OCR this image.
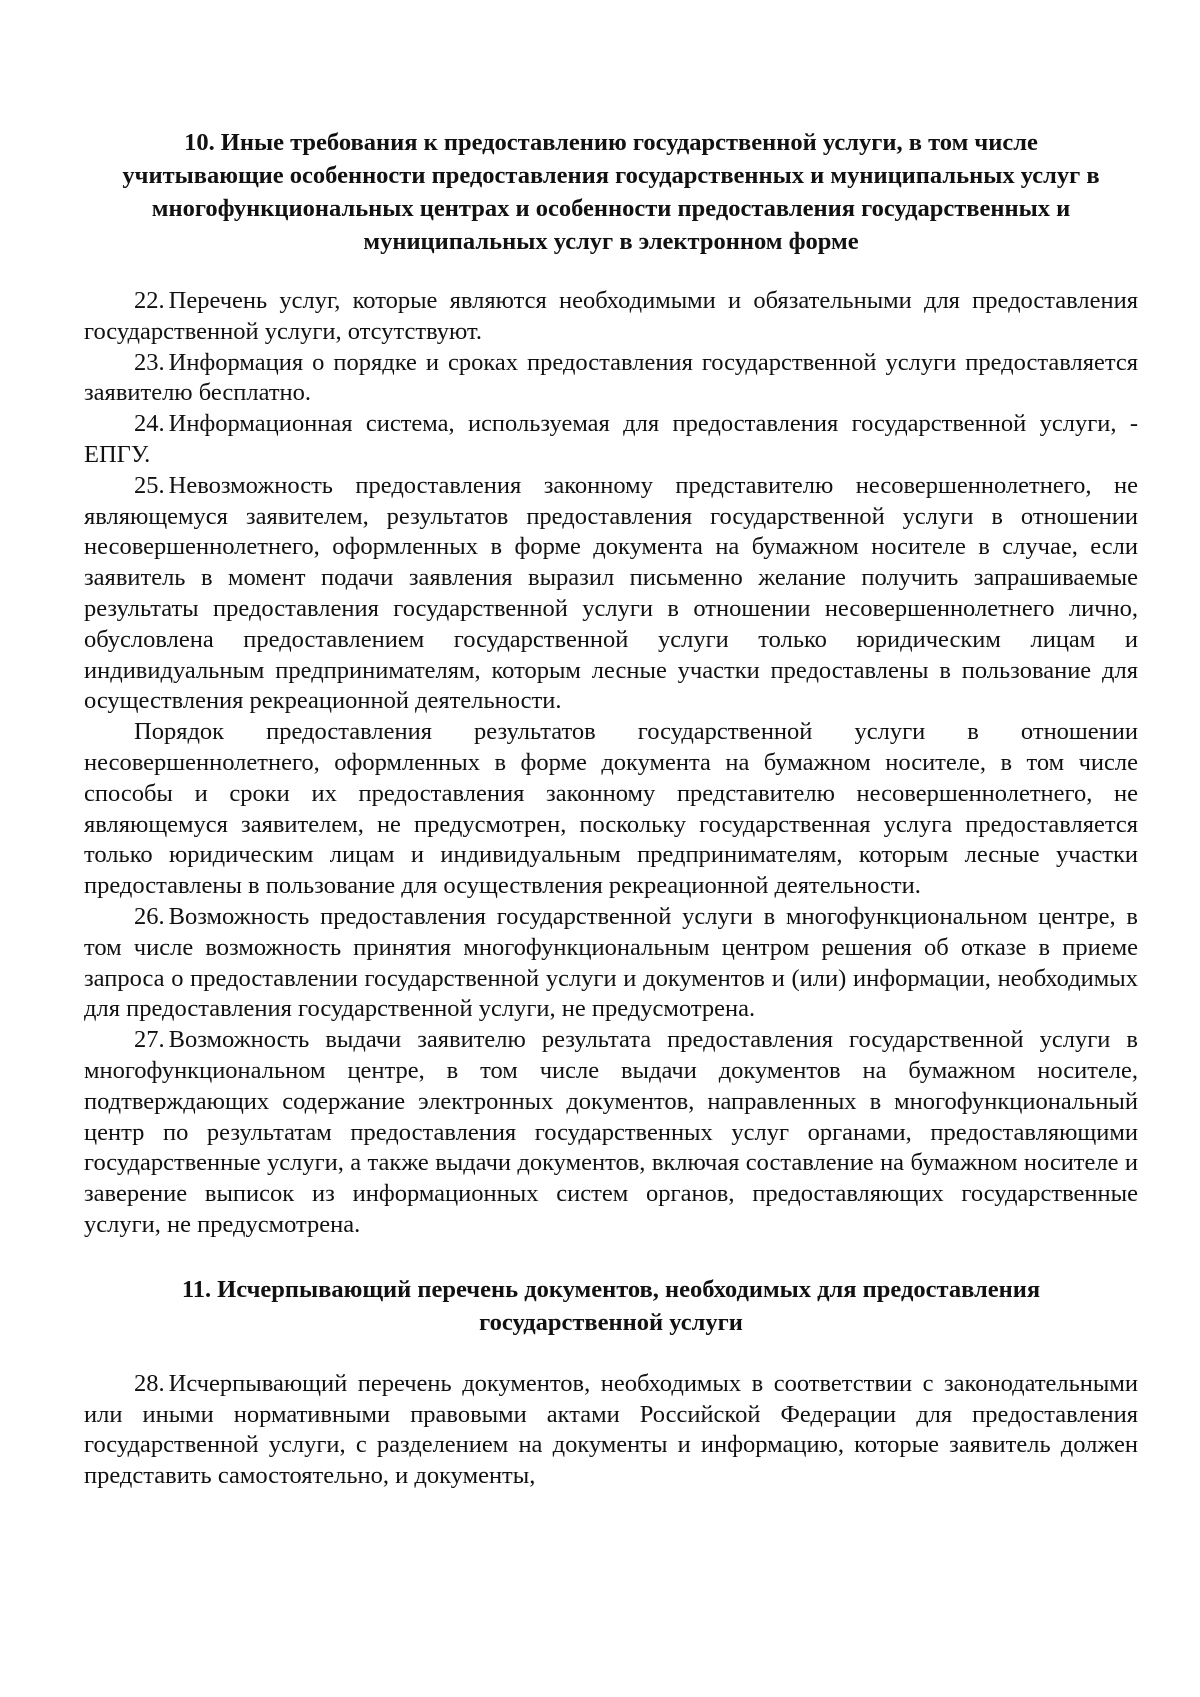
10. Иные требования к предоставлению государственной услуги, в том числе учитывающие особенности предоставления государственных и муниципальных услуг в многофункциональных центрах и особенности предоставления государственных и муниципальных услуг в электронном форме

22. Перечень услуг, которые являются необходимыми и обязательными для предоставления государственной услуги, отсутствуют.

23. Информация о порядке и сроках предоставления государственной услуги предоставляется заявителю бесплатно.

24. Информационная система, используемая для предоставления государственной услуги, - ЕПГУ.

25. Невозможность предоставления законному представителю несовершеннолетнего, не являющемуся заявителем, результатов предоставления государственной услуги в отношении несовершеннолетнего, оформленных в форме документа на бумажном носителе в случае, если заявитель в момент подачи заявления выразил письменно желание получить запрашиваемые результаты предоставления государственной услуги в отношении несовершеннолетнего лично, обусловлена предоставлением государственной услуги только юридическим лицам и индивидуальным предпринимателям, которым лесные участки предоставлены в пользование для осуществления рекреационной деятельности.

Порядок предоставления результатов государственной услуги в отношении несовершеннолетнего, оформленных в форме документа на бумажном носителе, в том числе способы и сроки их предоставления законному представителю несовершеннолетнего, не являющемуся заявителем, не предусмотрен, поскольку государственная услуга предоставляется только юридическим лицам и индивидуальным предпринимателям, которым лесные участки предоставлены в пользование для осуществления рекреационной деятельности.

26. Возможность предоставления государственной услуги в многофункциональном центре, в том числе возможность принятия многофункциональным центром решения об отказе в приеме запроса о предоставлении государственной услуги и документов и (или) информации, необходимых для предоставления государственной услуги, не предусмотрена.

27. Возможность выдачи заявителю результата предоставления государственной услуги в многофункциональном центре, в том числе выдачи документов на бумажном носителе, подтверждающих содержание электронных документов, направленных в многофункциональный центр по результатам предоставления государственных услуг органами, предоставляющими государственные услуги, а также выдачи документов, включая составление на бумажном носителе и заверение выписок из информационных систем органов, предоставляющих государственные услуги, не предусмотрена.

11. Исчерпывающий перечень документов, необходимых для предоставления государственной услуги

28. Исчерпывающий перечень документов, необходимых в соответствии с законодательными или иными нормативными правовыми актами Российской Федерации для предоставления государственной услуги, с разделением на документы и информацию, которые заявитель должен представить самостоятельно, и документы,
